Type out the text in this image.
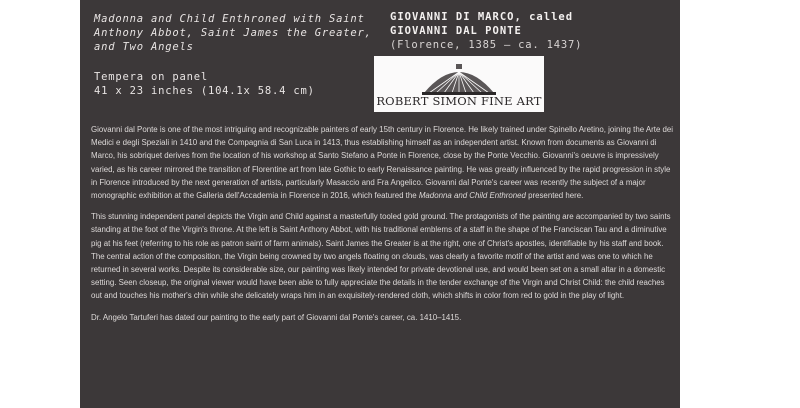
Madonna and Child Enthroned with Saint Anthony Abbot, Saint James the Greater, and Two Angels

Tempera on panel
41 x 23 inches (104.1x 58.4 cm)
GIOVANNI DI MARCO, called
GIOVANNI DAL PONTE
(Florence, 1385 – ca. 1437)
ROBERT SIMON FINE ART

Giovanni dal Ponte is one of the most intriguing and recognizable painters of early 15th century in Florence. He likely trained under Spinello Aretino, joining the Arte dei Medici e degli Speziali in 1410 and the Compagnia di San Luca in 1413, thus establishing himself as an independent artist. Known from documents as Giovanni di Marco, his sobriquet derives from the location of his workshop at Santo Stefano a Ponte in Florence, close by the Ponte Vecchio. Giovanni's oeuvre is impressively varied, as his career mirrored the transition of Florentine art from late Gothic to early Renaissance painting. He was greatly influenced by the rapid progression in style in Florence introduced by the next generation of artists, particularly Masaccio and Fra Angelico. Giovanni dal Ponte's career was recently the subject of a major monographic exhibition at the Galleria dell'Accademia in Florence in 2016, which featured the Madonna and Child Enthroned presented here.

This stunning independent panel depicts the Virgin and Child against a masterfully tooled gold ground. The protagonists of the painting are accompanied by two saints standing at the foot of the Virgin's throne. At the left is Saint Anthony Abbot, with his traditional emblems of a staff in the shape of the Franciscan Tau and a diminutive pig at his feet (referring to his role as patron saint of farm animals). Saint James the Greater is at the right, one of Christ's apostles, identifiable by his staff and book. The central action of the composition, the Virgin being crowned by two angels floating on clouds, was clearly a favorite motif of the artist and was one to which he returned in several works. Despite its considerable size, our painting was likely intended for private devotional use, and would been set on a small altar in a domestic setting. Seen closeup, the original viewer would have been able to fully appreciate the details in the tender exchange of the Virgin and Christ Child: the child reaches out and touches his mother's chin while she delicately wraps him in an exquisitely-rendered cloth, which shifts in color from red to gold in the play of light.

Dr. Angelo Tartuferi has dated our painting to the early part of Giovanni dal Ponte's career, ca. 1410–1415.
